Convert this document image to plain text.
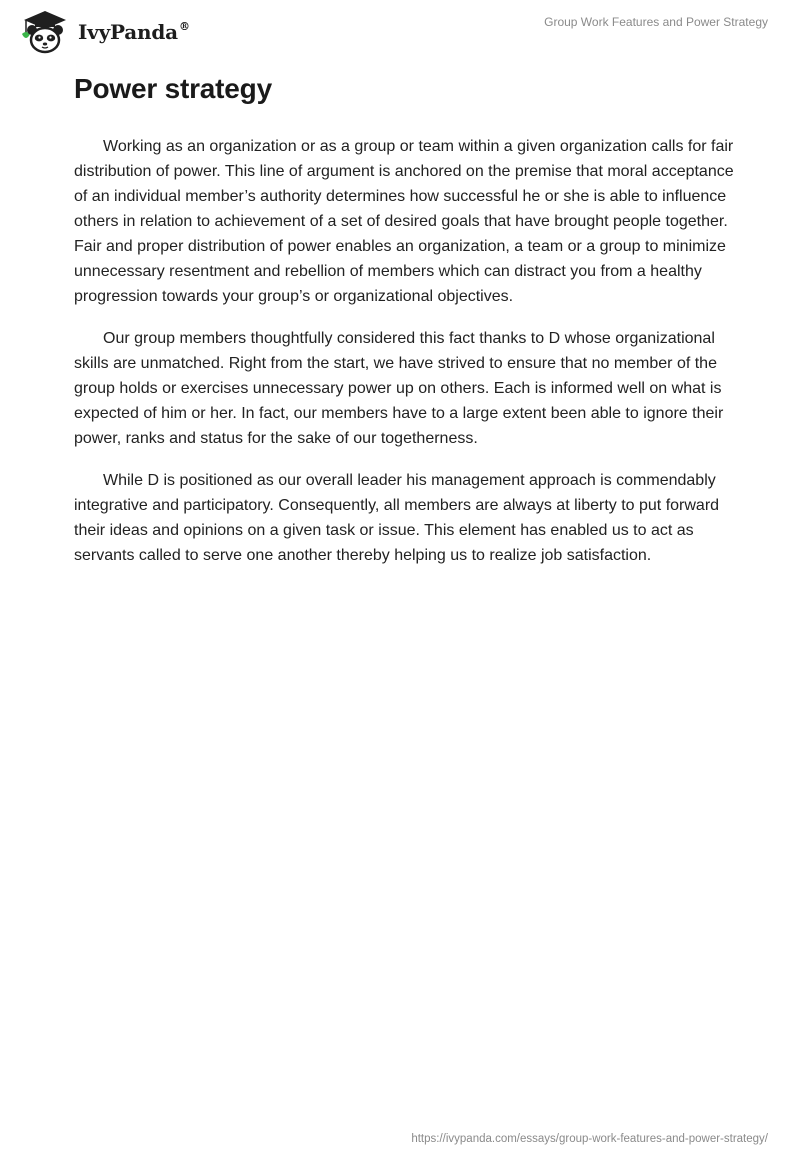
IvyPanda®	Group Work Features and Power Strategy
Power strategy

Working as an organization or as a group or team within a given organization calls for fair distribution of power. This line of argument is anchored on the premise that moral acceptance of an individual member’s authority determines how successful he or she is able to influence others in relation to achievement of a set of desired goals that have brought people together. Fair and proper distribution of power enables an organization, a team or a group to minimize unnecessary resentment and rebellion of members which can distract you from a healthy progression towards your group’s or organizational objectives.

Our group members thoughtfully considered this fact thanks to D whose organizational skills are unmatched. Right from the start, we have strived to ensure that no member of the group holds or exercises unnecessary power up on others. Each is informed well on what is expected of him or her. In fact, our members have to a large extent been able to ignore their power, ranks and status for the sake of our togetherness.

While D is positioned as our overall leader his management approach is commendably integrative and participatory. Consequently, all members are always at liberty to put forward their ideas and opinions on a given task or issue. This element has enabled us to act as servants called to serve one another thereby helping us to realize job satisfaction.

https://ivypanda.com/essays/group-work-features-and-power-strategy/
